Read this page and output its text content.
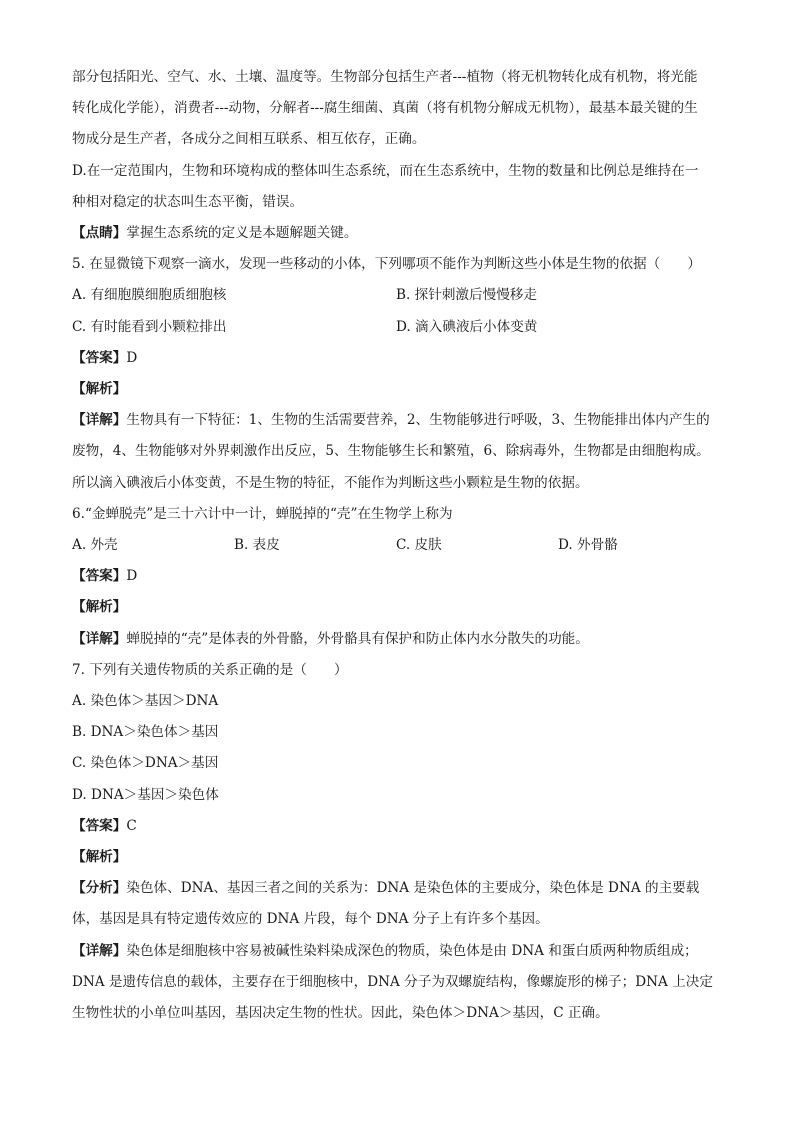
部分包括阳光、空气、水、土壤、温度等。生物部分包括生产者---植物（将无机物转化成有机物，将光能

转化成化学能），消费者---动物，分解者---腐生细菌、真菌（将有机物分解成无机物），最基本最关键的生

物成分是生产者，各成分之间相互联系、相互依存，正确。

D.在一定范围内，生物和环境构成的整体叫生态系统，而在生态系统中，生物的数量和比例总是维持在一

种相对稳定的状态叫生态平衡，错误。

【点睛】掌握生态系统的定义是本题解题关键。

5. 在显微镜下观察一滴水，发现一些移动的小体，下列哪项不能作为判断这些小体是生物的依据（　　）

A. 有细胞膜细胞质细胞核	B. 探针刺激后慢慢移走
C. 有时能看到小颗粒排出	D. 滴入碘液后小体变黄

【答案】D

【解析】

【详解】生物具有一下特征：1、生物的生活需要营养，2、生物能够进行呼吸，3、生物能排出体内产生的

废物，4、生物能够对外界刺激作出反应，5、生物能够生长和繁殖，6、除病毒外，生物都是由细胞构成。

所以滴入碘液后小体变黄，不是生物的特征，不能作为判断这些小颗粒是生物的依据。

6.“金蝉脱壳”是三十六计中一计，蝉脱掉的“壳”在生物学上称为

A. 外壳	B. 表皮	C. 皮肤	D. 外骨骼

【答案】D

【解析】

【详解】蝉脱掉的“壳”是体表的外骨骼，外骨骼具有保护和防止体内水分散失的功能。

7. 下列有关遗传物质的关系正确的是（　　）

A. 染色体＞基因＞DNA

B. DNA＞染色体＞基因

C. 染色体＞DNA＞基因

D. DNA＞基因＞染色体

【答案】C

【解析】

【分析】染色体、DNA、基因三者之间的关系为：DNA 是染色体的主要成分，染色体是 DNA 的主要载

体，基因是具有特定遗传效应的 DNA 片段，每个 DNA 分子上有许多个基因。

【详解】染色体是细胞核中容易被碱性染料染成深色的物质，染色体是由 DNA 和蛋白质两种物质组成；

DNA 是遗传信息的载体，主要存在于细胞核中，DNA 分子为双螺旋结构，像螺旋形的梯子；DNA 上决定

生物性状的小单位叫基因，基因决定生物的性状。因此，染色体＞DNA＞基因，C 正确。
